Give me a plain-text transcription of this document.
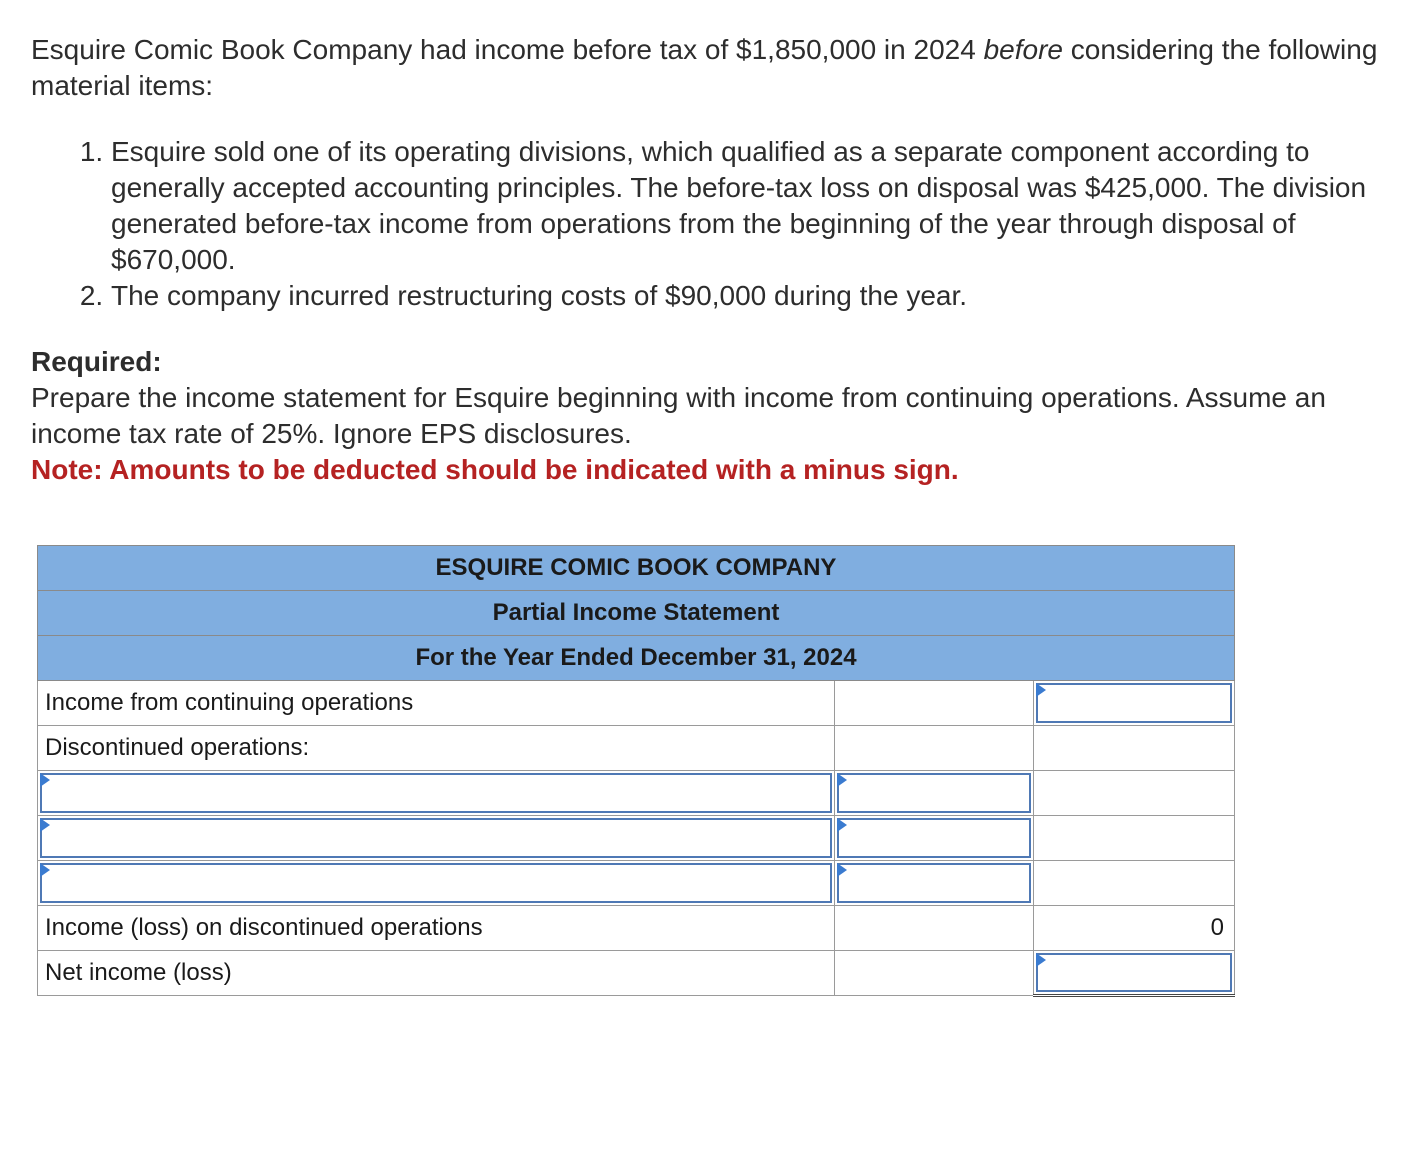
Esquire Comic Book Company had income before tax of $1,850,000 in 2024 before considering the following material items:

1. Esquire sold one of its operating divisions, which qualified as a separate component according to generally accepted accounting principles. The before-tax loss on disposal was $425,000. The division generated before-tax income from operations from the beginning of the year through disposal of $670,000.
2. The company incurred restructuring costs of $90,000 during the year.
Required:
Prepare the income statement for Esquire beginning with income from continuing operations. Assume an income tax rate of 25%. Ignore EPS disclosures.
Note: Amounts to be deducted should be indicated with a minus sign.
ESQUIRE COMIC BOOK COMPANY		
Partial Income Statement		
For the Year Ended December 31, 2024		
Income from continuing operations		

Discontinued operations:		

Income (loss) on discontinued operations		0
Net income (loss)		
